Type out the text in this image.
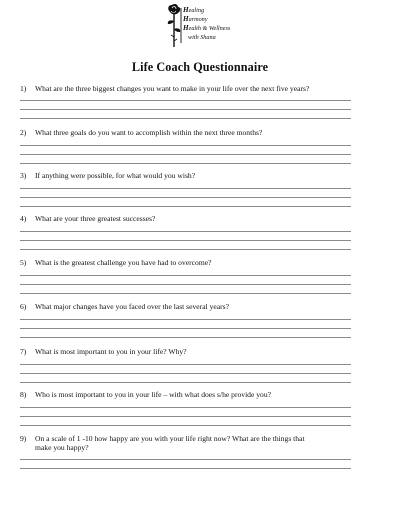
Healing
Harmony
Health & Wellness
with Shana
Life Coach Questionnaire
1)	What are the three biggest changes you want to make in your life over the next five years?
2)	What three goals do you want to accomplish within the next three months?
3)	If anything were possible, for what would you wish?
4)	What are your three greatest successes?
5)	What is the greatest challenge you have had to overcome?
6)	What major changes have you faced over the last several years?
7)	What is most important to you in your life? Why?
8)	Who is most important to you in your life – with what does s/he provide you?
9)	On a scale of 1 -10 how happy are you with your life right now? What are the things that make you happy?
